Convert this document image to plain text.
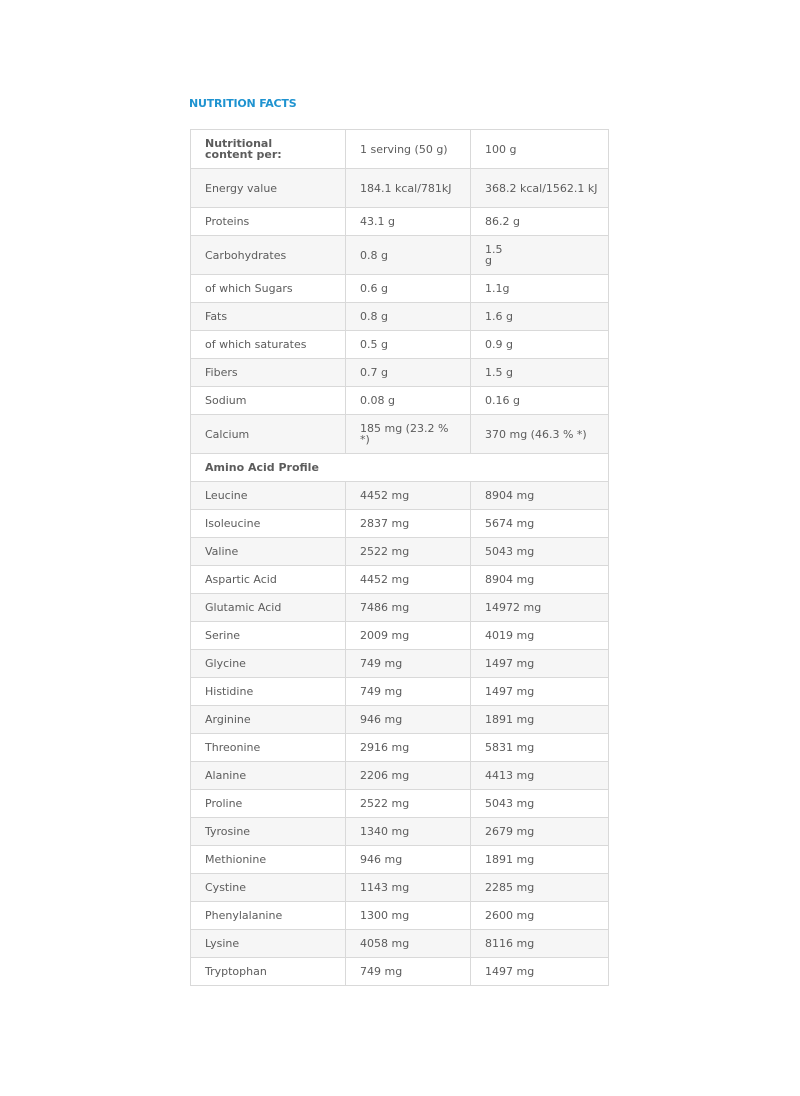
NUTRITION FACTS
Nutritional content per:	1 serving (50 g)	100 g
Energy value	184.1 kcal/781kJ	368.2 kcal/1562.1 kJ
Proteins	43.1 g	86.2 g
Carbohydrates	0.8 g	1.5 g
of which Sugars	0.6 g	1.1g
Fats	0.8 g	1.6 g
of which saturates	0.5 g	0.9 g
Fibers	0.7 g	1.5 g
Sodium	0.08 g	0.16 g
Calcium	185 mg (23.2 % *)	370 mg (46.3 % *)
Amino Acid Profile		
Leucine	4452 mg	8904 mg
Isoleucine	2837 mg	5674 mg
Valine	2522 mg	5043 mg
Aspartic Acid	4452 mg	8904 mg
Glutamic Acid	7486 mg	14972 mg
Serine	2009 mg	4019 mg
Glycine	749 mg	1497 mg
Histidine	749 mg	1497 mg
Arginine	946 mg	1891 mg
Threonine	2916 mg	5831 mg
Alanine	2206 mg	4413 mg
Proline	2522 mg	5043 mg
Tyrosine	1340 mg	2679 mg
Methionine	946 mg	1891 mg
Cystine	1143 mg	2285 mg
Phenylalanine	1300 mg	2600 mg
Lysine	4058 mg	8116 mg
Tryptophan	749 mg	1497 mg
